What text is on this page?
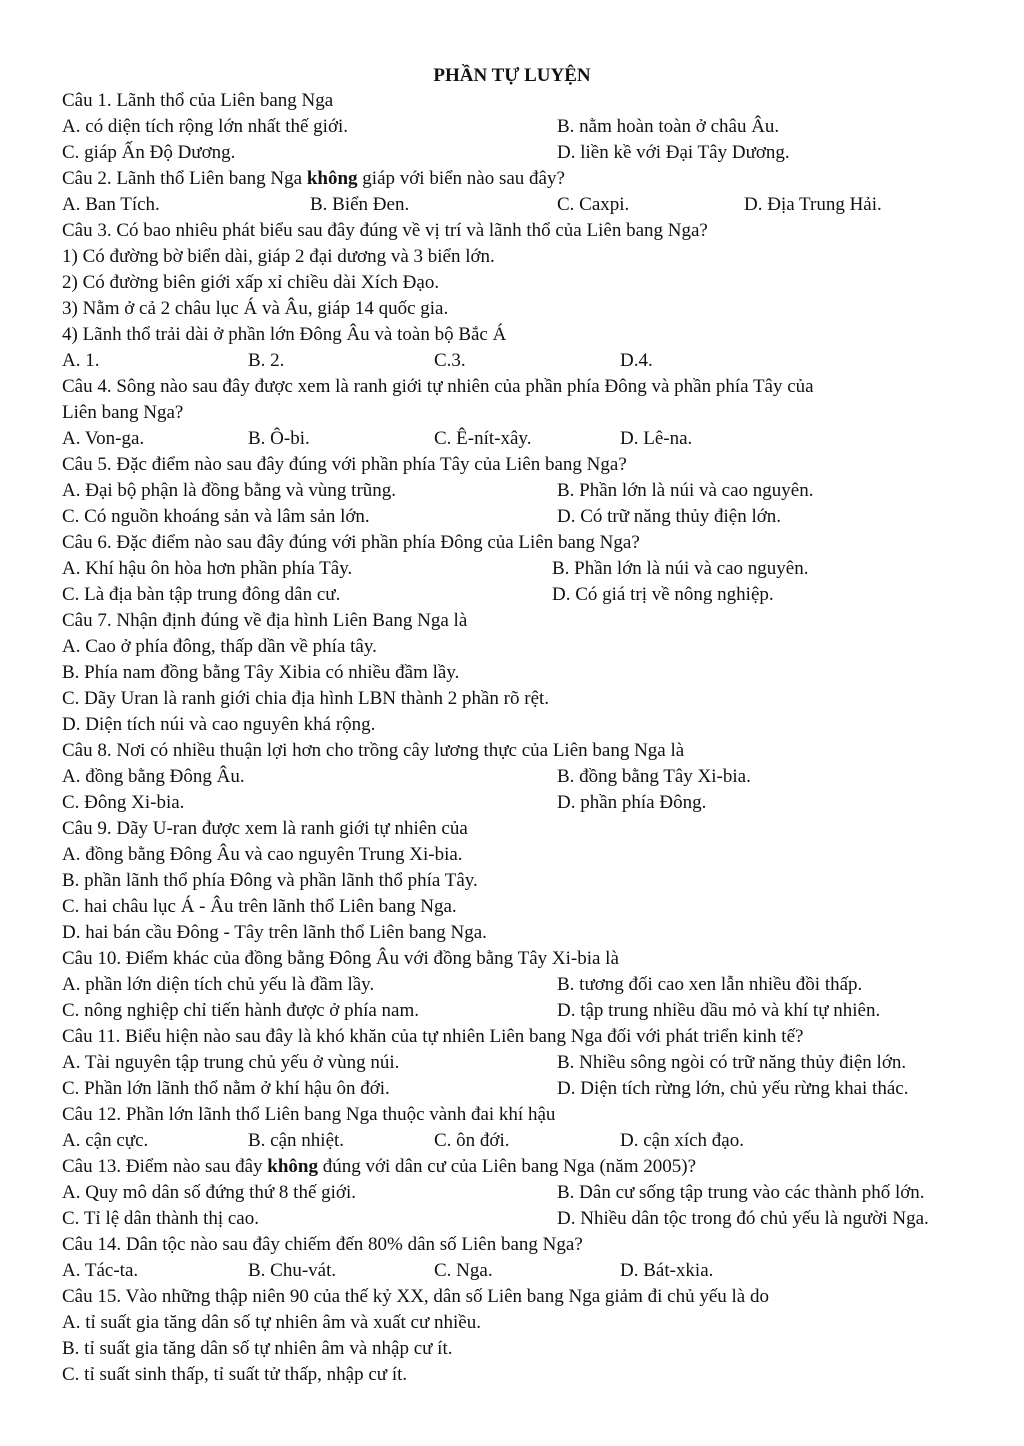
PHẦN TỰ LUYỆN
Câu 1. Lãnh thổ của Liên bang Nga
A. có diện tích rộng lớn nhất thế giới.	B. nằm hoàn toàn ở châu Âu.
C. giáp Ấn Độ Dương.	D. liền kề với Đại Tây Dương.
Câu 2. Lãnh thổ Liên bang Nga không giáp với biển nào sau đây?
A. Ban Tích.	B. Biển Đen.	C. Caxpi.	D. Địa Trung Hải.
Câu 3. Có bao nhiêu phát biểu sau đây đúng về vị trí và lãnh thổ của Liên bang Nga?
1) Có đường bờ biển dài, giáp 2 đại dương và 3 biển lớn.
2) Có đường biên giới xấp xỉ chiều dài Xích Đạo.
3) Nằm ở cả 2 châu lục Á và Âu, giáp 14 quốc gia.
4) Lãnh thổ trải dài ở phần lớn Đông Âu và toàn bộ Bắc Á
A. 1.	B. 2.	C.3.	D.4.
Câu 4. Sông nào sau đây được xem là ranh giới tự nhiên của phần phía Đông và phần phía Tây của
Liên bang Nga?
A. Von-ga.	B. Ô-bi.	C. Ê-nít-xây.	D. Lê-na.
Câu 5. Đặc điểm nào sau đây đúng với phần phía Tây của Liên bang Nga?
A. Đại bộ phận là đồng bằng và vùng trũng.	B. Phần lớn là núi và cao nguyên.
C. Có nguồn khoáng sản và lâm sản lớn.	D. Có trữ năng thủy điện lớn.
Câu 6. Đặc điểm nào sau đây đúng với phần phía Đông của Liên bang Nga?
A. Khí hậu ôn hòa hơn phần phía Tây.	B. Phần lớn là núi và cao nguyên.
C. Là địa bàn tập trung đông dân cư.	D. Có giá trị về nông nghiệp.
Câu 7. Nhận định đúng về địa hình Liên Bang Nga là
A. Cao ở phía đông, thấp dần về phía tây.
B. Phía nam đồng bằng Tây Xibia có nhiều đầm lầy.
C. Dãy Uran là ranh giới chia địa hình LBN thành 2 phần rõ rệt.
D. Diện tích núi và cao nguyên khá rộng.
Câu 8. Nơi có nhiều thuận lợi hơn cho trồng cây lương thực của Liên bang Nga là
A. đồng bằng Đông Âu.	B. đồng bằng Tây Xi-bia.
C. Đông Xi-bia.	D. phần phía Đông.
Câu 9. Dãy U-ran được xem là ranh giới tự nhiên của
A. đồng bằng Đông Âu và cao nguyên Trung Xi-bia.
B. phần lãnh thổ phía Đông và phần lãnh thổ phía Tây.
C. hai châu lục Á - Âu trên lãnh thổ Liên bang Nga.
D. hai bán cầu Đông - Tây trên lãnh thổ Liên bang Nga.
Câu 10. Điểm khác của đồng bằng Đông Âu với đồng bằng Tây Xi-bia là
A. phần lớn diện tích chủ yếu là đầm lầy.	B. tương đối cao xen lẫn nhiều đồi thấp.
C. nông nghiệp chỉ tiến hành được ở phía nam.	D. tập trung nhiều dầu mỏ và khí tự nhiên.
Câu 11. Biểu hiện nào sau đây là khó khăn của tự nhiên Liên bang Nga đối với phát triển kinh tế?
A. Tài nguyên tập trung chủ yếu ở vùng núi.	B. Nhiều sông ngòi có trữ năng thủy điện lớn.
C. Phần lớn lãnh thổ nằm ở khí hậu ôn đới.	D. Diện tích rừng lớn, chủ yếu rừng khai thác.
Câu 12. Phần lớn lãnh thổ Liên bang Nga thuộc vành đai khí hậu
A. cận cực.	B. cận nhiệt.	C. ôn đới.	D. cận xích đạo.
Câu 13. Điểm nào sau đây không đúng với dân cư của Liên bang Nga (năm 2005)?
A. Quy mô dân số đứng thứ 8 thế giới.	B. Dân cư sống tập trung vào các thành phố lớn.
C. Tỉ lệ dân thành thị cao.	D. Nhiều dân tộc trong đó chủ yếu là người Nga.
Câu 14. Dân tộc nào sau đây chiếm đến 80% dân số Liên bang Nga?
A. Tác-ta.	B. Chu-vát.	C. Nga.	D. Bát-xkia.
Câu 15. Vào những thập niên 90 của thế kỷ XX, dân số Liên bang Nga giảm đi chủ yếu là do
A. tỉ suất gia tăng dân số tự nhiên âm và xuất cư nhiều.
B. tỉ suất gia tăng dân số tự nhiên âm và nhập cư ít.
C. tỉ suất sinh thấp, tỉ suất tử thấp, nhập cư ít.
